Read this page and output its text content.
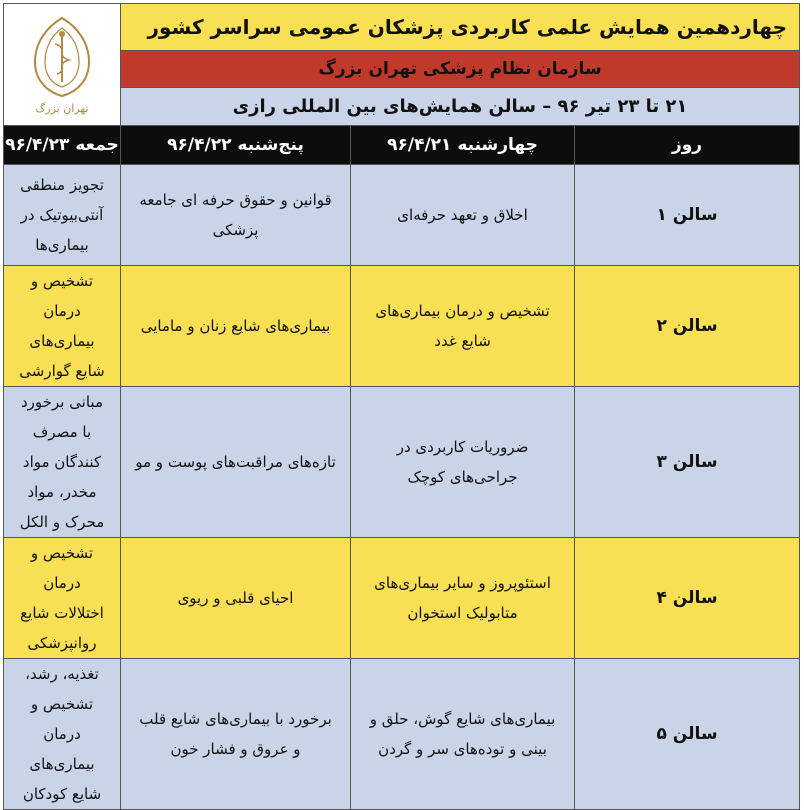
چهاردهمین همایش علمی کاربردی پزشکان عمومی سراسر کشور			تهران بزرگ

سازمان نظام پزشکی تهران بزرگ			
۲۱ تا ۲۳ تیر ۹۶ – سالن همایش‌های بین المللی رازی			
روز	چهارشنبه ۹۶/۴/۲۱	پنج‌شنبه ۹۶/۴/۲۲	جمعه ۹۶/۴/۲۳
سالن ۱	اخلاق و تعهد حرفه‌ای	قوانین و حقوق حرفه ای جامعه پزشکی	تجویز منطقی آنتی‌بیوتیک در بیماری‌ها

سالن ۲	تشخیص و درمان بیماری‌های شایع غدد	بیماری‌های شایع زنان و مامایی	تشخیص و درمان بیماری‌های شایع گوارشی

سالن ۳	ضروریات کاربردی در جراحی‌های کوچک	تازه‌های مراقبت‌های پوست و مو	مبانی برخورد با مصرف کنندگان مواد مخدر، مواد محرک و الکل

سالن ۴	استئوپروز و سایر بیماری‌های متابولیک استخوان	احیای قلبی و ریوی	تشخیص و درمان اختلالات شایع روانپزشکی

سالن ۵	بیماری‌های شایع گوش، حلق و بینی و توده‌های سر و گردن	برخورد با بیماری‌های شایع قلب و عروق و فشار خون	تغذیه، رشد، تشخیص و درمان بیماری‌های شایع کودکان
